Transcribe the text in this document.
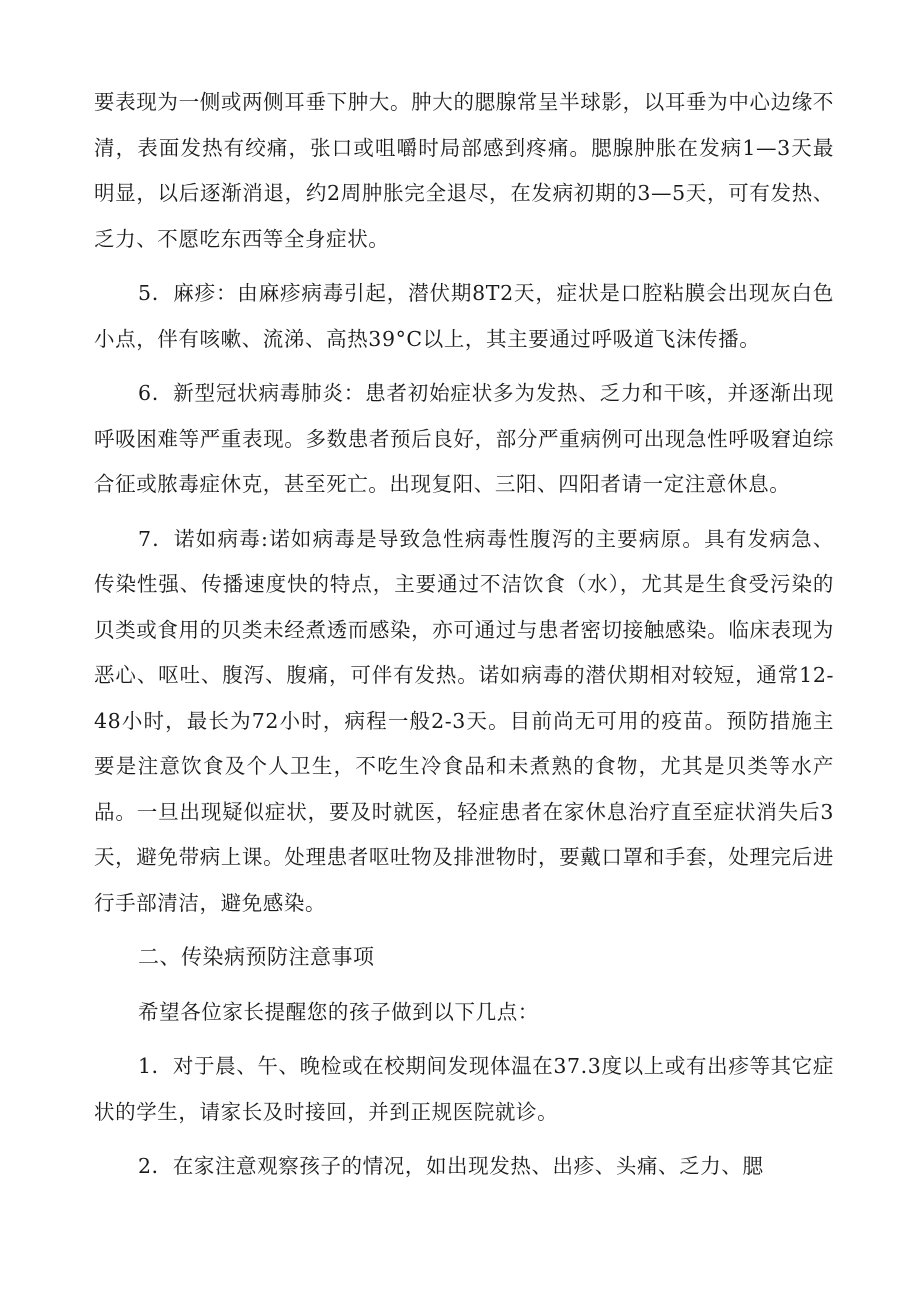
要表现为一侧或两侧耳垂下肿大。肿大的腮腺常呈半球影，以耳垂为中心边缘不清，表面发热有绞痛，张口或咀嚼时局部感到疼痛。腮腺肿胀在发病1—3天最明显，以后逐渐消退，约2周肿胀完全退尽，在发病初期的3—5天，可有发热、乏力、不愿吃东西等全身症状。

5．麻疹：由麻疹病毒引起，潜伏期8T2天，症状是口腔粘膜会出现灰白色小点，伴有咳嗽、流涕、高热39°C以上，其主要通过呼吸道飞沫传播。

6．新型冠状病毒肺炎：患者初始症状多为发热、乏力和干咳，并逐渐出现呼吸困难等严重表现。多数患者预后良好，部分严重病例可出现急性呼吸窘迫综合征或脓毒症休克，甚至死亡。出现复阳、三阳、四阳者请一定注意休息。

7．诺如病毒:诺如病毒是导致急性病毒性腹泻的主要病原。具有发病急、传染性强、传播速度快的特点，主要通过不洁饮食（水），尤其是生食受污染的贝类或食用的贝类未经煮透而感染，亦可通过与患者密切接触感染。临床表现为恶心、呕吐、腹泻、腹痛，可伴有发热。诺如病毒的潜伏期相对较短，通常12-48小时，最长为72小时，病程一般2-3天。目前尚无可用的疫苗。预防措施主要是注意饮食及个人卫生，不吃生冷食品和未煮熟的食物，尤其是贝类等水产品。一旦出现疑似症状，要及时就医，轻症患者在家休息治疗直至症状消失后3天，避免带病上课。处理患者呕吐物及排泄物时，要戴口罩和手套，处理完后进行手部清洁，避免感染。

二、传染病预防注意事项

希望各位家长提醒您的孩子做到以下几点：

1．对于晨、午、晚检或在校期间发现体温在37.3度以上或有出疹等其它症状的学生，请家长及时接回，并到正规医院就诊。

2．在家注意观察孩子的情况，如出现发热、出疹、头痛、乏力、腮
